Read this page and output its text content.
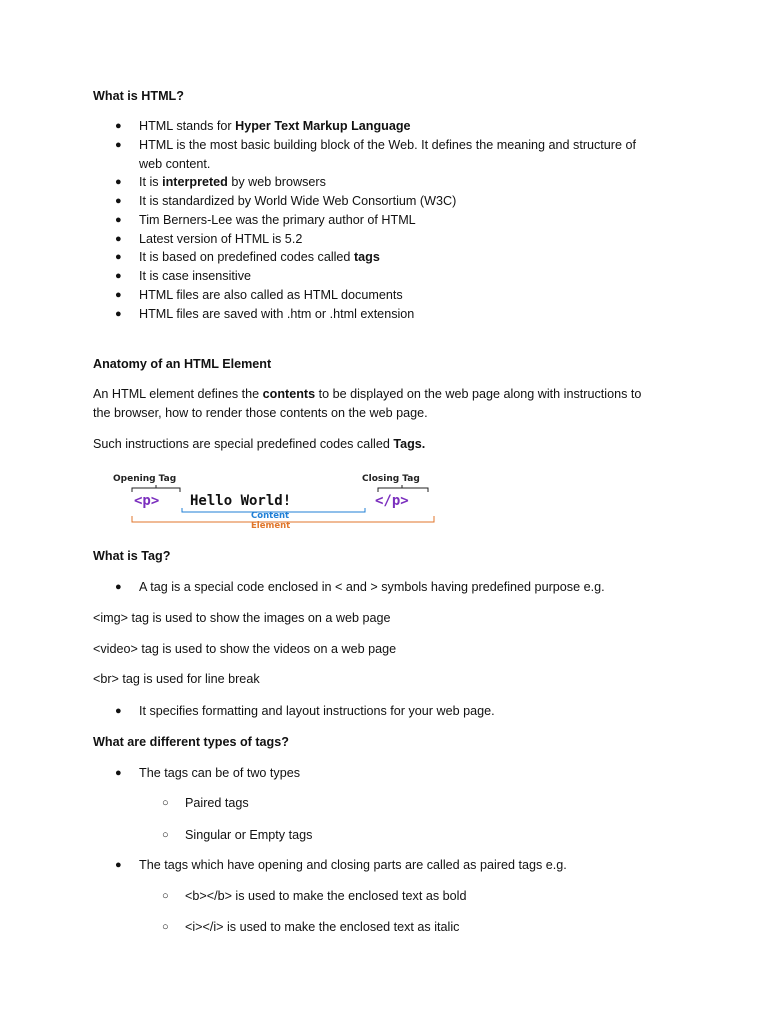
What is HTML?
● HTML stands for Hyper Text Markup Language
● HTML is the most basic building block of the Web. It defines the meaning and structure of
web content.
● It is interpreted by web browsers
● It is standardized by World Wide Web Consortium (W3C)
● Tim Berners-Lee was the primary author of HTML
● Latest version of HTML is 5.2
● It is based on predefined codes called tags
● It is case insensitive
● HTML files are also called as HTML documents
● HTML files are saved with .htm or .html extension
Anatomy of an HTML Element
An HTML element defines the contents to be displayed on the web page along with instructions to
the browser, how to render those contents on the web page.
Such instructions are special predefined codes called Tags.
Opening Tag	Closing Tag
<p> Hello World!	</p>
Content
Element
What is Tag?
● A tag is a special code enclosed in < and > symbols having predefined purpose e.g.
<img> tag is used to show the images on a web page
<video> tag is used to show the videos on a web page
<br> tag is used for line break
● It specifies formatting and layout instructions for your web page.
What are different types of tags?
● The tags can be of two types
○ Paired tags
○ Singular or Empty tags
● The tags which have opening and closing parts are called as paired tags e.g.
○ <b></b> is used to make the enclosed text as bold
○ <i></i> is used to make the enclosed text as italic
